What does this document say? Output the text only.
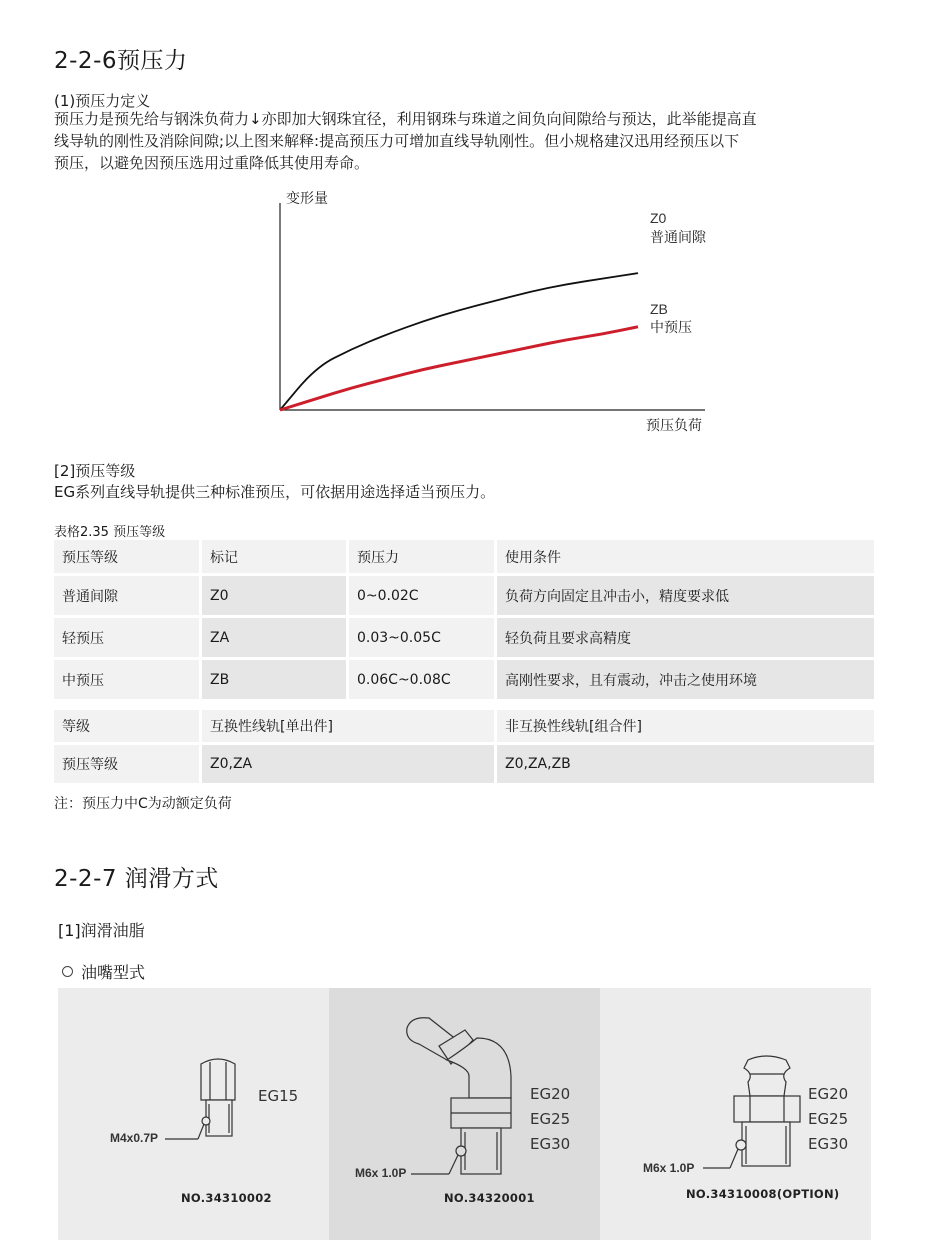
2-2-6预压力
(1)预压力定义
预压力是预先给与钢洙负荷力↓亦即加大钢珠宜径，利用钢珠与珠道之间负向间隙给与预达，此举能提高直
线导轨的刚性及消除间隙;以上图来解释:提高预压力可增加直线导轨刚性。但小规格建汉迅用经预压以下
预压，以避免因预压选用过重降低其使用寿命。
变形量
预压负荷
Z0
普通间隙
ZB
中预压
[2]预压等级
EG系列直线导轨提供三种标准预压，可依据用途选择适当预压力。
表格2.35 预压等级
预压等级	标记	预压力	使用条件
普通间隙	Z0	0~0.02C	负荷方向固定且冲击小，精度要求低
轻预压	ZA	0.03~0.05C	轻负荷且要求高精度
中预压	ZB	0.06C~0.08C	高刚性要求，且有震动，冲击之使用环境
等级	互换性线轨[单出件]	非互换性线轨[组合件]
预压等级	Z0,ZA	Z0,ZA,ZB
注：预压力中C为动额定负荷
2-2-7 润滑方式
[1]润滑油脂
油嘴型式
EG15
M4x0.7P
NO.34310002
EG20
EG25
EG30
M6x 1.0P
NO.34320001
EG20
EG25
EG30
M6x 1.0P
NO.34310008(OPTION)
